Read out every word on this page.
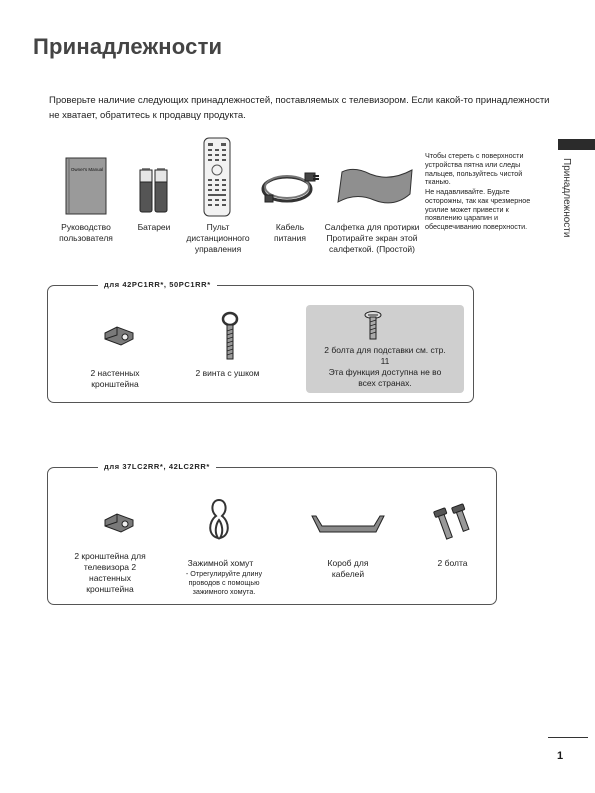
Принадлежности
Проверьте наличие следующих принадлежностей, поставляемых с телевизором. Если какой-то принадлежности не хватает, обратитесь к продавцу продукта.
Принадлежности
Owner's Manual
Руководство пользователя
Батареи	Пульт дистанционного управления
Кабель питания
Салфетка для протирки Протирайте экран этой салфеткой. (Простой)
Чтобы стереть с поверхности устройства пятна или следы пальцев, пользуйтесь чистой тканью.
Не надавливайте. Будьте осторожны, так как чрезмерное усилие может привести к появлению царапин и обесцвечиванию поверхности.
для 42PC1RR*, 50PC1RR*
2 настенных кронштейна
2 винта с ушком
2 болта для подставки см. стр. 11
Эта функция доступна не во всех странах.
для 37LC2RR*, 42LC2RR*
2 кронштейна для телевизора 2 настенных кронштейна
Зажимной хомут
- Отрегулируйте длину проводов с помощью зажимного хомута.
Короб для кабелей
2 болта
1
